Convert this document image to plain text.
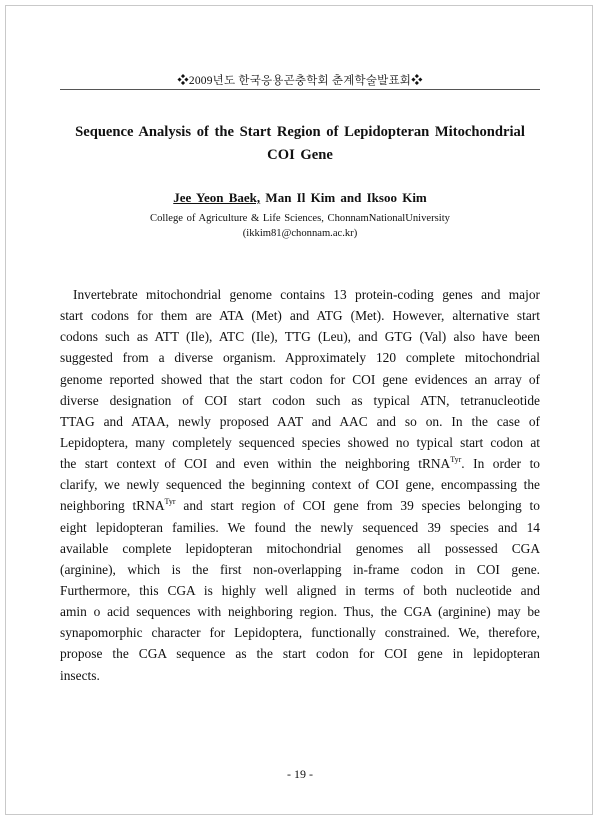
❖2009년도 한국응용곤충학회 춘계학술발표회❖
Sequence Analysis of the Start Region of Lepidopteran Mitochondrial
COI Gene
Jee Yeon Baek, Man Il Kim and Iksoo Kim
College of Agriculture & Life Sciences, ChonnamNationalUniversity
(ikkim81@chonnam.ac.kr)
Invertebrate mitochondrial genome contains 13 protein-coding genes and major
start codons for them are ATA (Met) and ATG (Met). However, alternative start
codons such as ATT (Ile), ATC (Ile), TTG (Leu), and GTG (Val) also have been
suggested from a diverse organism. Approximately 120 complete mitochondrial
genome reported showed that the start codon for COI gene evidences an array of
diverse designation of COI start codon such as typical ATN, tetranucleotide
TTAG and ATAA, newly proposed AAT and AAC and so on. In the case of
Lepidoptera, many completely sequenced species showed no typical start codon at
the start context of COI and even within the neighboring tRNA$^{Tyr}$. In order to
clarify, we newly sequenced the beginning context of COI gene, encompassing the
neighboring tRNA$^{Tyr}$ and start region of COI gene from 39 species belonging to
eight lepidopteran families. We found the newly sequenced 39 species and 14
available complete lepidopteran mitochondrial genomes all possessed CGA
(arginine), which is the first non-overlapping in-frame codon in COI gene.
Furthermore, this CGA is highly well aligned in terms of both nucleotide and
amin o acid sequences with neighboring region. Thus, the CGA (arginine) may be
synapomorphic character for Lepidoptera, functionally constrained. We, therefore,
propose the CGA sequence as the start codon for COI gene in lepidopteran
insects.
- 19 -
